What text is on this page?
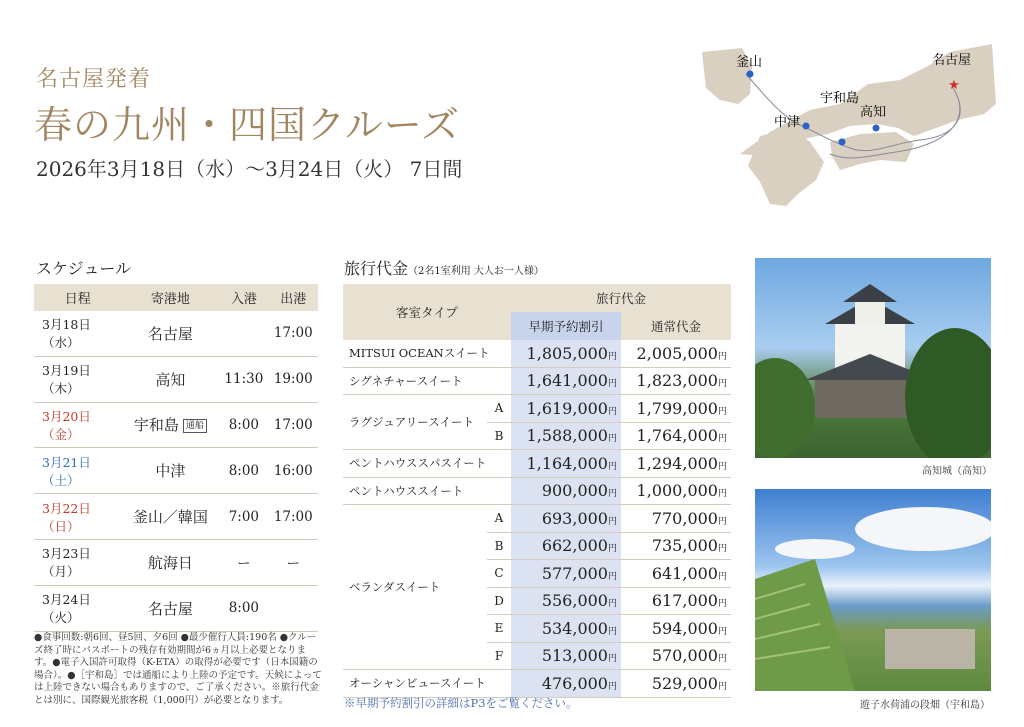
名古屋発着
春の九州・四国クルーズ
2026年3月18日（水）～3月24日（火） 7日間
★
釜山	名古屋
宇和島
高知
中津
スケジュール
日程	寄港地	入港	出港
3月18日（水）	名古屋		17:00
3月19日（木）	高知	11:30	19:00
3月20日（金）	宇和島 通船	8:00	17:00
3月21日（土）	中津	8:00	16:00
3月22日（日）	釜山／韓国	7:00	17:00
3月23日（月）	航海日	ー	ー
3月24日（火）	名古屋	8:00	
●食事回数:朝6回、昼5回、夕6回 ●最少催行人員:190名 ●クルーズ終了時にパスポートの残存有効期間が6ヵ月以上必要となります。●電子入国許可取得（K-ETA）の取得が必要です（日本国籍の場合）。●［宇和島］では通船により上陸の予定です。天候によっては上陸できない場合もありますので、ご了承ください。※旅行代金とは別に、国際観光旅客税（1,000円）が必要となります。
旅行代金（2名1室利用 大人お一人様）
客室タイプ		旅行代金	
		早期予約割引	通常代金
MITSUI OCEANスイート		1,805,000円	2,005,000円
シグネチャースイート		1,641,000円	1,823,000円
ラグジュアリースイート	A	1,619,000円	1,799,000円
	B	1,588,000円	1,764,000円
ペントハウススパスイート		1,164,000円	1,294,000円
ペントハウススイート		900,000円	1,000,000円
ベランダスイート	A	693,000円	770,000円
	B	662,000円	735,000円
	C	577,000円	641,000円
	D	556,000円	617,000円
	E	534,000円	594,000円
	F	513,000円	570,000円
オーシャンビュースイート		476,000円	529,000円
※早期予約割引の詳細はP3をご覧ください。
高知城（高知）
遊子水荷浦の段畑（宇和島）
